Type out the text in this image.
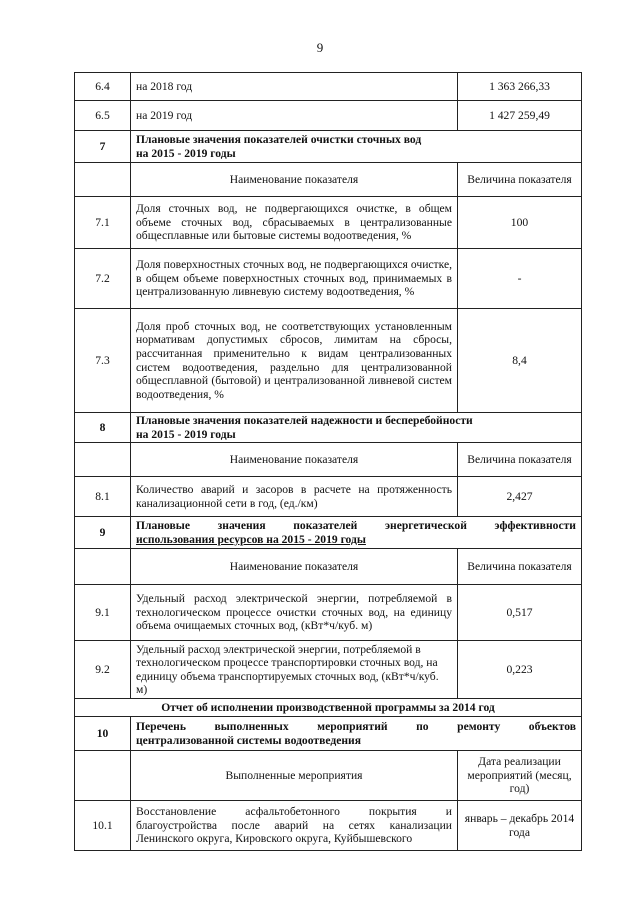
9
6.4	на 2018 год	1 363 266,33
6.5	на 2019 год	1 427 259,49
7	Плановые значения показателей очистки сточных вод
на 2015 - 2019 годы	

	Наименование показателя	Величина показателя
7.1	Доля сточных вод, не подвергающихся очистке, в общем объеме сточных вод, сбрасываемых в централизованные общесплавные или бытовые системы водоотведения, %	100
7.2	Доля поверхностных сточных вод, не подвергающихся очистке, в общем объеме поверхностных сточных вод, принимаемых в централизованную ливневую систему водоотведения, %	-
7.3	Доля проб сточных вод, не соответствующих установленным нормативам допустимых сбросов, лимитам на сбросы, рассчитанная применительно к видам централизованных систем водоотведения, раздельно для централизованной общесплавной (бытовой) и централизованной ливневой систем водоотведения, %	8,4
8	Плановые значения показателей надежности и бесперебойности
на 2015 - 2019 годы	

	Наименование показателя	Величина показателя
8.1	Количество аварий и засоров в расчете на протяженность канализационной сети в год, (ед./км)	2,427
9	Плановые значения показателей энергетической эффективности
использования ресурсов на 2015 - 2019 годы	

	Наименование показателя	Величина показателя
9.1	Удельный расход электрической энергии, потребляемой в технологическом процессе очистки сточных вод, на единицу объема очищаемых сточных вод, (кВт*ч/куб. м)	0,517
9.2	Удельный расход электрической энергии, потребляемой в технологическом процессе транспортировки сточных вод, на единицу объема транспортируемых сточных вод, (кВт*ч/куб. м)	0,223
Отчет об исполнении производственной программы за 2014 год		
10	Перечень выполненных мероприятий по ремонту объектов
централизованной системы водоотведения	

	Выполненные мероприятия	Дата реализации мероприятий (месяц, год)
10.1	Восстановление асфальтобетонного покрытия и благоустройства после аварий на сетях канализации Ленинского округа, Кировского округа, Куйбышевского	январь – декабрь 2014 года
